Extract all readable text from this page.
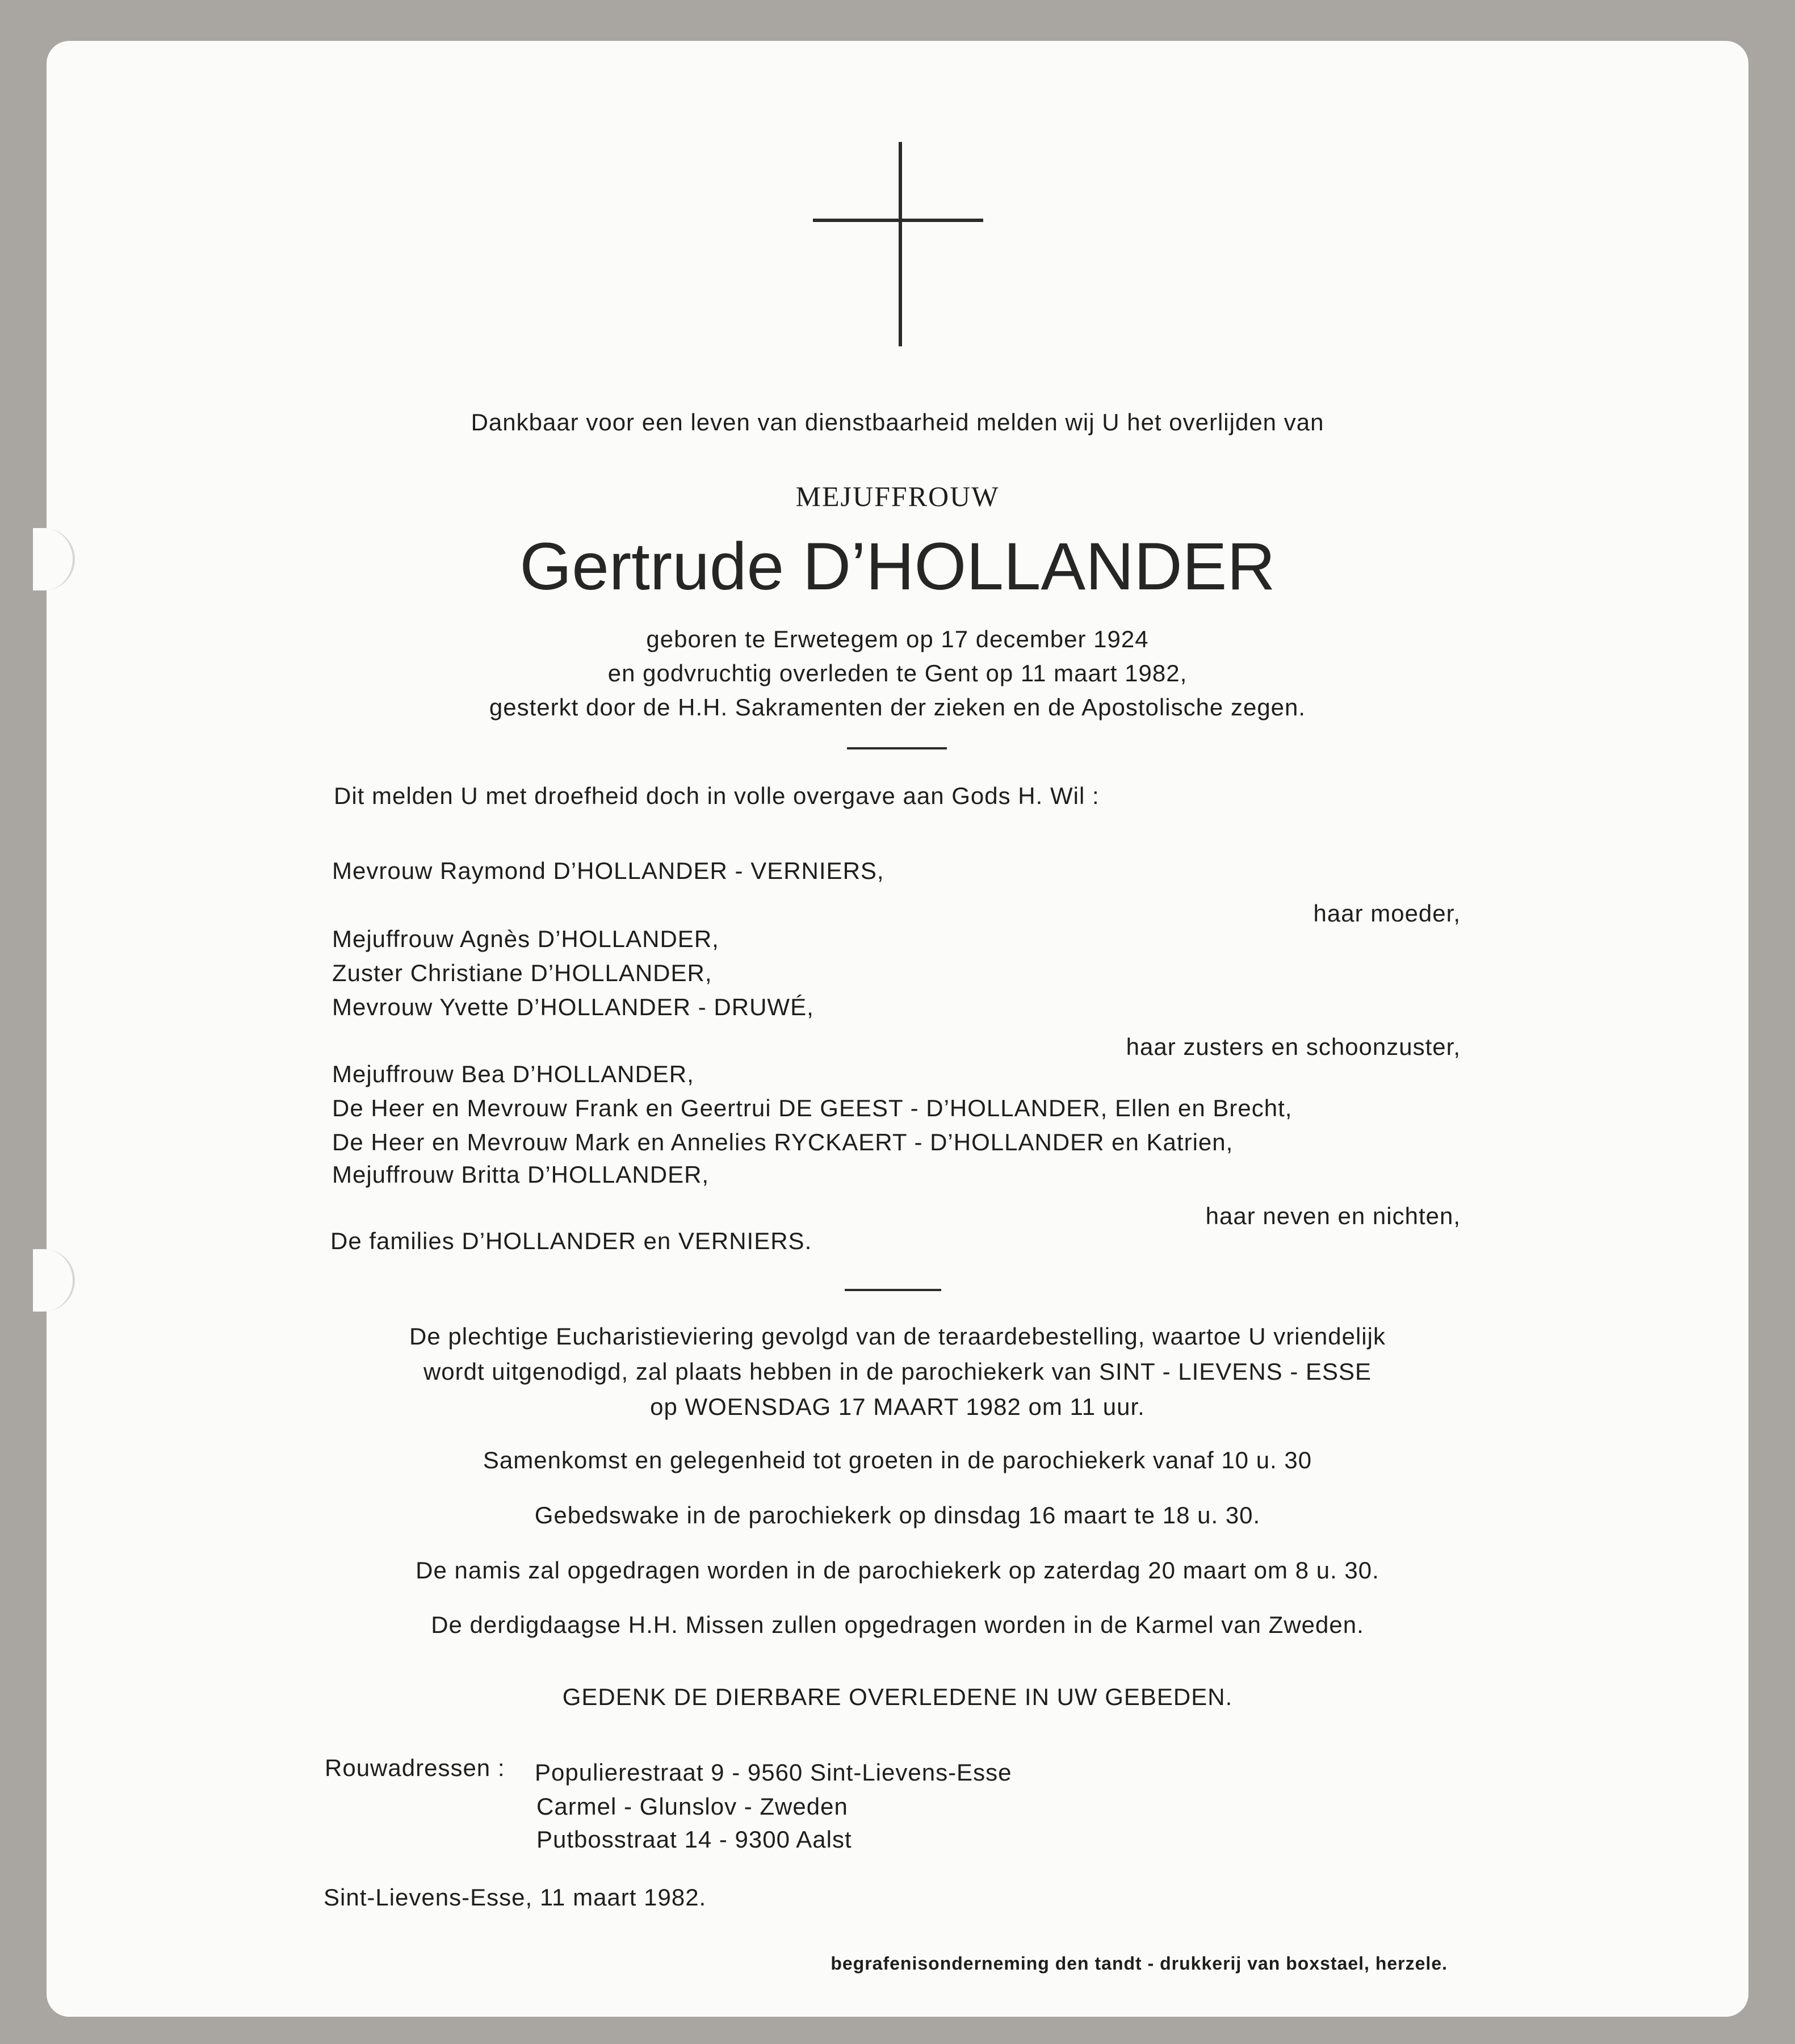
Dankbaar voor een leven van dienstbaarheid melden wij U het overlijden van
MEJUFFROUW
Gertrude D’HOLLANDER
geboren te Erwetegem op 17 december 1924
en godvruchtig overleden te Gent op 11 maart 1982,
gesterkt door de H.H. Sakramenten der zieken en de Apostolische zegen.
Dit melden U met droefheid doch in volle overgave aan Gods H. Wil :
Mevrouw Raymond D’HOLLANDER - VERNIERS,
haar moeder,
Mejuffrouw Agnès D’HOLLANDER,
Zuster Christiane D’HOLLANDER,
Mevrouw Yvette D’HOLLANDER - DRUWÉ,
haar zusters en schoonzuster,
Mejuffrouw Bea D’HOLLANDER,
De Heer en Mevrouw Frank en Geertrui DE GEEST - D’HOLLANDER, Ellen en Brecht,
De Heer en Mevrouw Mark en Annelies RYCKAERT - D’HOLLANDER en Katrien,
Mejuffrouw Britta D’HOLLANDER,
haar neven en nichten,
De families D’HOLLANDER en VERNIERS.
De plechtige Eucharistieviering gevolgd van de teraardebestelling, waartoe U vriendelijk
wordt uitgenodigd, zal plaats hebben in de parochiekerk van SINT - LIEVENS - ESSE
op WOENSDAG 17 MAART 1982 om 11 uur.
Samenkomst en gelegenheid tot groeten in de parochiekerk vanaf 10 u. 30
Gebedswake in de parochiekerk op dinsdag 16 maart te 18 u. 30.
De namis zal opgedragen worden in de parochiekerk op zaterdag 20 maart om 8 u. 30.
De derdigdaagse H.H. Missen zullen opgedragen worden in de Karmel van Zweden.
GEDENK DE DIERBARE OVERLEDENE IN UW GEBEDEN.
Rouwadressen : Populierestraat 9 - 9560 Sint-Lievens-Esse
Carmel - Glunslov - Zweden
Putbosstraat 14 - 9300 Aalst
Sint-Lievens-Esse, 11 maart 1982.
begrafenisonderneming den tandt - drukkerij van boxstael, herzele.
